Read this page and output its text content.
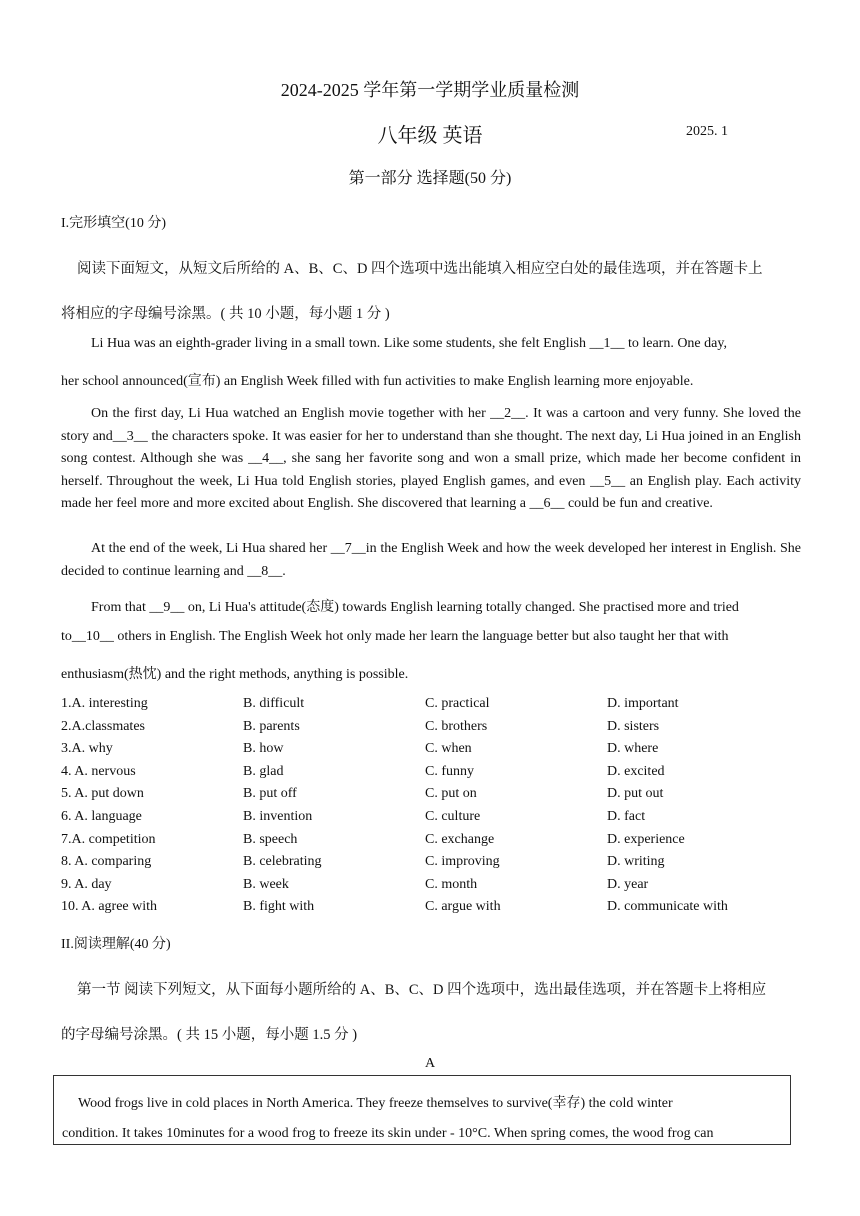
2024-2025 学年第一学期学业质量检测
八年级 英语	2025. 1
第一部分 选择题(50 分)
I.完形填空(10 分)
阅读下面短文，从短文后所给的 A、B、C、D 四个选项中选出能填入相应空白处的最佳选项，并在答题卡上
将相应的字母编号涂黑。( 共 10 小题，每小题 1 分 )
Li Hua was an eighth-grader living in a small town. Like some students, she felt English __1__ to learn. One day,
her school announced(宣布) an English Week filled with fun activities to make English learning more enjoyable.
On the first day, Li Hua watched an English movie together with her __2__. It was a cartoon and very funny. She loved the story and__3__ the characters spoke. It was easier for her to understand than she thought. The next day, Li Hua joined in an English song contest. Although she was __4__, she sang her favorite song and won a small prize, which made her become confident in herself. Throughout the week, Li Hua told English stories, played English games, and even __5__ an English play. Each activity made her feel more and more excited about English. She discovered that learning a __6__ could be fun and creative.
At the end of the week, Li Hua shared her __7__in the English Week and how the week developed her interest in English. She decided to continue learning and __8__.
From that __9__ on, Li Hua's attitude(态度) towards English learning totally changed. She practised more and tried
to__10__ others in English. The English Week hot only made her learn the language better but also taught her that with
enthusiasm(热忱) and the right methods, anything is possible.
1.A. interesting	B. difficult	C. practical	D. important
2.A.classmates	B. parents	C. brothers	D. sisters
3.A. why	B. how	C. when	D. where
4. A. nervous	B. glad	C. funny	D. excited
5. A. put down	B. put off	C. put on	D. put out
6. A. language	B. invention	C. culture	D. fact
7.A. competition	B. speech	C. exchange	D. experience
8. A. comparing	B. celebrating	C. improving	D. writing
9. A. day	B. week	C. month	D. year
10. A. agree with	B. fight with	C. argue with	D. communicate with
II.阅读理解(40 分)
第一节 阅读下列短文，从下面每小题所给的 A、B、C、D 四个选项中，选出最佳选项，并在答题卡上将相应
的字母编号涂黑。( 共 15 小题，每小题 1.5 分 )
A

Wood frogs live in cold places in North America. They freeze themselves to survive(幸存) the cold winter

condition. It takes 10minutes for a wood frog to freeze its skin under - 10°C. When spring comes, the wood frog can
